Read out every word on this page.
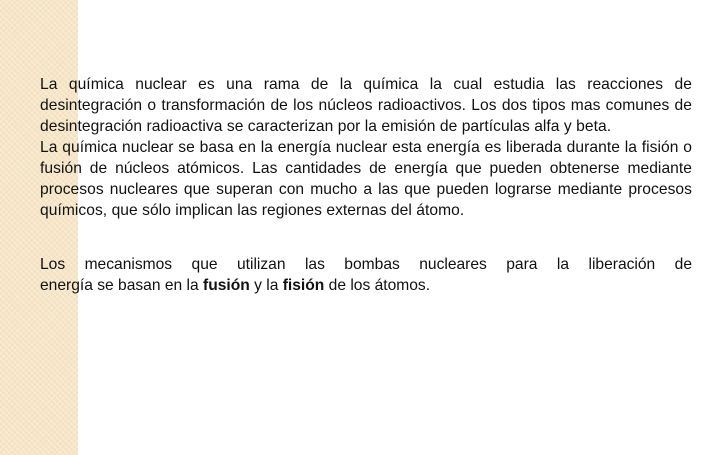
La química nuclear es una rama de la química la cual estudia las reacciones de desintegración o transformación de los núcleos radioactivos. Los dos tipos mas comunes de desintegración radioactiva se caracterizan por la emisión de partículas alfa y beta.

La química nuclear se basa en la energía nuclear esta energía es liberada durante la fisión o fusión de núcleos atómicos. Las cantidades de energía que pueden obtenerse mediante procesos nucleares que superan con mucho a las que pueden lograrse mediante procesos químicos, que sólo implican las regiones externas del átomo.

Los mecanismos que utilizan las bombas nucleares para la liberación de

energía se basan en la fusión y la fisión de los átomos.
